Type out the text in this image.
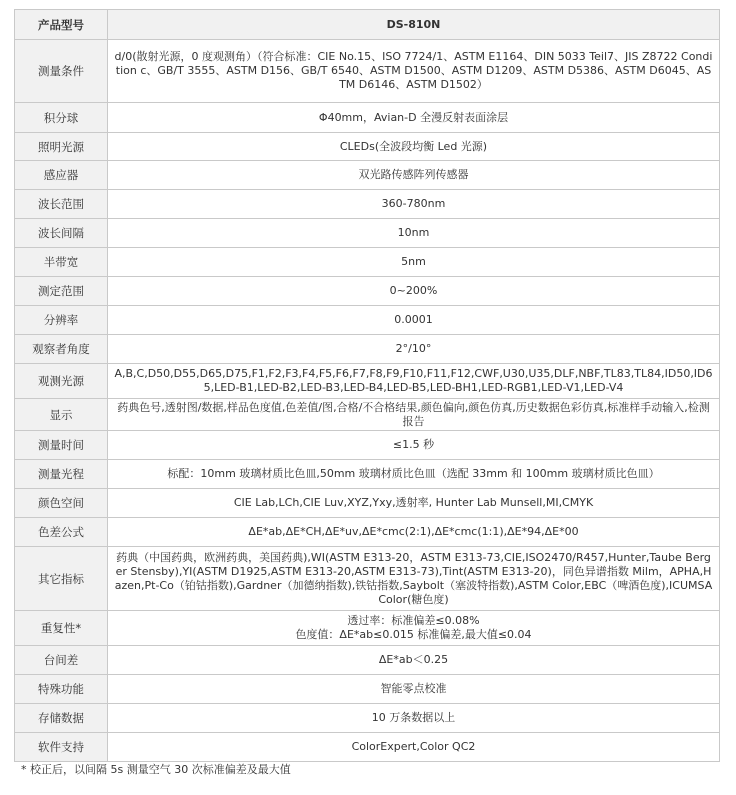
产品型号	DS-810N
测量条件	d/0(散射光源，0 度观测角）（符合标准：CIE No.15、ISO 7724/1、ASTM E1164、DIN 5033 Teil7、JIS Z8722 Condition c、GB/T 3555、ASTM D156、GB/T 6540、ASTM D1500、ASTM D1209、ASTM D5386、ASTM D6045、ASTM D6146、ASTM D1502）
积分球	Φ40mm，Avian-D 全漫反射表面涂层
照明光源	CLEDs(全波段均衡 Led 光源)
感应器	双光路传感阵列传感器
波长范围	360-780nm
波长间隔	10nm
半带宽	5nm
测定范围	0~200%
分辨率	0.0001
观察者角度	2°/10°
观测光源	A,B,C,D50,D55,D65,D75,F1,F2,F3,F4,F5,F6,F7,F8,F9,F10,F11,F12,CWF,U30,U35,DLF,NBF,TL83,TL84,ID50,ID65,LED-B1,LED-B2,LED-B3,LED-B4,LED-B5,LED-BH1,LED-RGB1,LED-V1,LED-V4
显示	药典色号,透射图/数据,样品色度值,色差值/图,合格/不合格结果,颜色偏向,颜色仿真,历史数据色彩仿真,标准样手动输入,检测报告
测量时间	≤1.5 秒
测量光程	标配：10mm 玻璃材质比色皿,50mm 玻璃材质比色皿（选配 33mm 和 100mm 玻璃材质比色皿）
颜色空间	CIE Lab,LCh,CIE Luv,XYZ,Yxy,透射率, Hunter Lab Munsell,MI,CMYK
色差公式	ΔE*ab,ΔE*CH,ΔE*uv,ΔE*cmc(2:1),ΔE*cmc(1:1),ΔE*94,ΔE*00
其它指标	药典（中国药典，欧洲药典，美国药典),WI(ASTM E313-20，ASTM E313-73,CIE,ISO2470/R457,Hunter,Taube Berger Stensby),YI(ASTM D1925,ASTM E313-20,ASTM E313-73),Tint(ASTM E313-20)，同色异谱指数 Milm，APHA,Hazen,Pt-Co（铂钴指数),Gardner（加德纳指数),铁钴指数,Saybolt（塞波特指数),ASTM Color,EBC（啤酒色度),ICUMSA Color(糖色度)
重复性*	透过率：标准偏差≤0.08%
色度值：ΔE*ab≤0.015 标准偏差,最大值≤0.04

台间差	ΔE*ab＜0.25
特殊功能	智能零点校准
存储数据	10 万条数据以上
软件支持	ColorExpert,Color QC2
* 校正后，以间隔 5s 测量空气 30 次标准偏差及最大值
